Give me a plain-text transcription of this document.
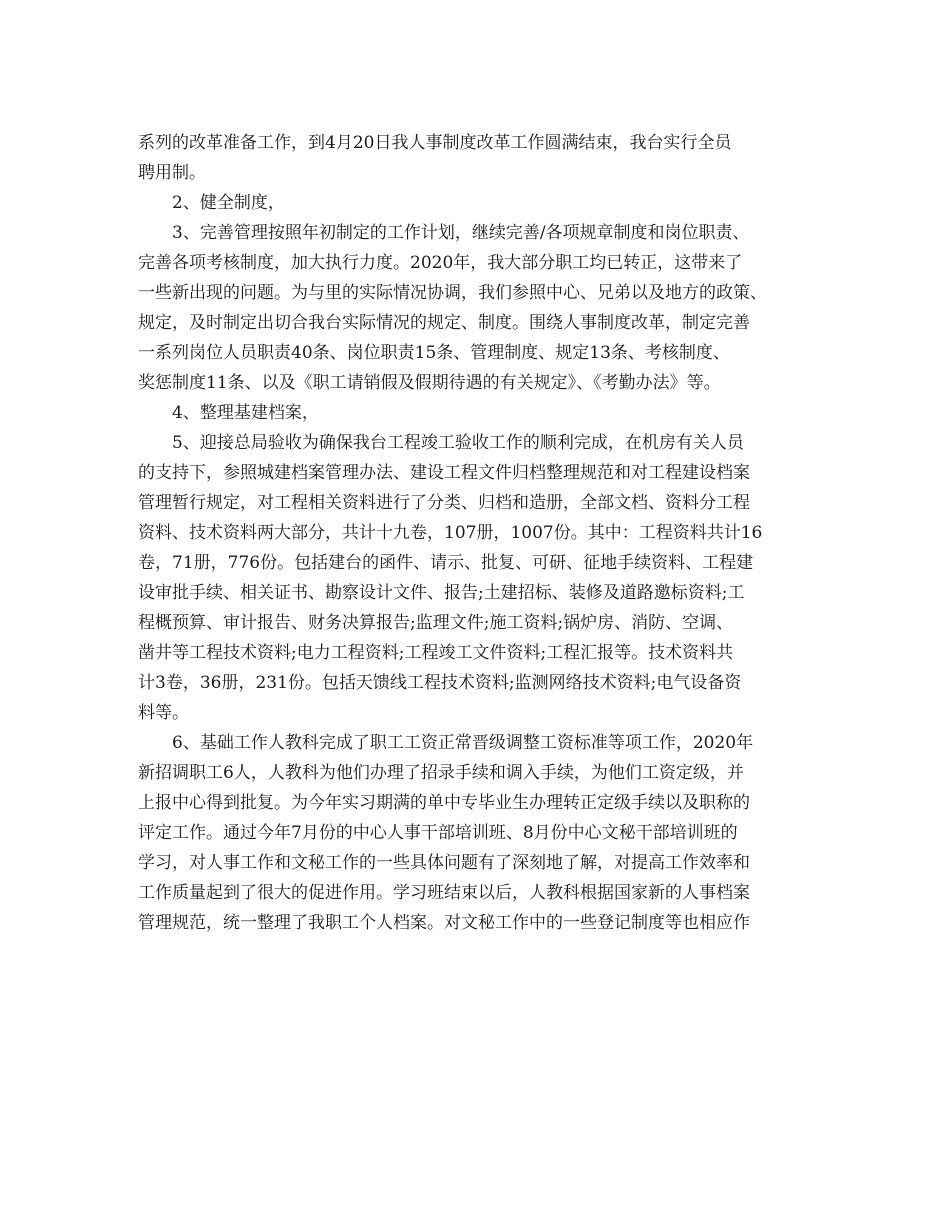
系列的改革准备工作，到4月20日我人事制度改革工作圆满结束，我台实行全员
聘用制。
2、健全制度，
3、完善管理按照年初制定的工作计划，继续完善/各项规章制度和岗位职责、
完善各项考核制度，加大执行力度。2020年，我大部分职工均已转正，这带来了
一些新出现的问题。为与里的实际情况协调，我们参照中心、兄弟以及地方的政策、
规定，及时制定出切合我台实际情况的规定、制度。围绕人事制度改革，制定完善
一系列岗位人员职责40条、岗位职责15条、管理制度、规定13条、考核制度、
奖惩制度11条、以及《职工请销假及假期待遇的有关规定》、《考勤办法》等。
4、整理基建档案，
5、迎接总局验收为确保我台工程竣工验收工作的顺利完成，在机房有关人员
的支持下，参照城建档案管理办法、建设工程文件归档整理规范和对工程建设档案
管理暂行规定，对工程相关资料进行了分类、归档和造册，全部文档、资料分工程
资料、技术资料两大部分，共计十九卷，107册，1007份。其中：工程资料共计16
卷，71册，776份。包括建台的函件、请示、批复、可研、征地手续资料、工程建
设审批手续、相关证书、勘察设计文件、报告;土建招标、装修及道路邀标资料;工
程概预算、审计报告、财务决算报告;监理文件;施工资料;锅炉房、消防、空调、
凿井等工程技术资料;电力工程资料;工程竣工文件资料;工程汇报等。技术资料共
计3卷，36册，231份。包括天馈线工程技术资料;监测网络技术资料;电气设备资
料等。
6、基础工作人教科完成了职工工资正常晋级调整工资标准等项工作，2020年
新招调职工6人，人教科为他们办理了招录手续和调入手续，为他们工资定级，并
上报中心得到批复。为今年实习期满的单中专毕业生办理转正定级手续以及职称的
评定工作。通过今年7月份的中心人事干部培训班、8月份中心文秘干部培训班的
学习，对人事工作和文秘工作的一些具体问题有了深刻地了解，对提高工作效率和
工作质量起到了很大的促进作用。学习班结束以后，人教科根据国家新的人事档案
管理规范，统一整理了我职工个人档案。对文秘工作中的一些登记制度等也相应作
